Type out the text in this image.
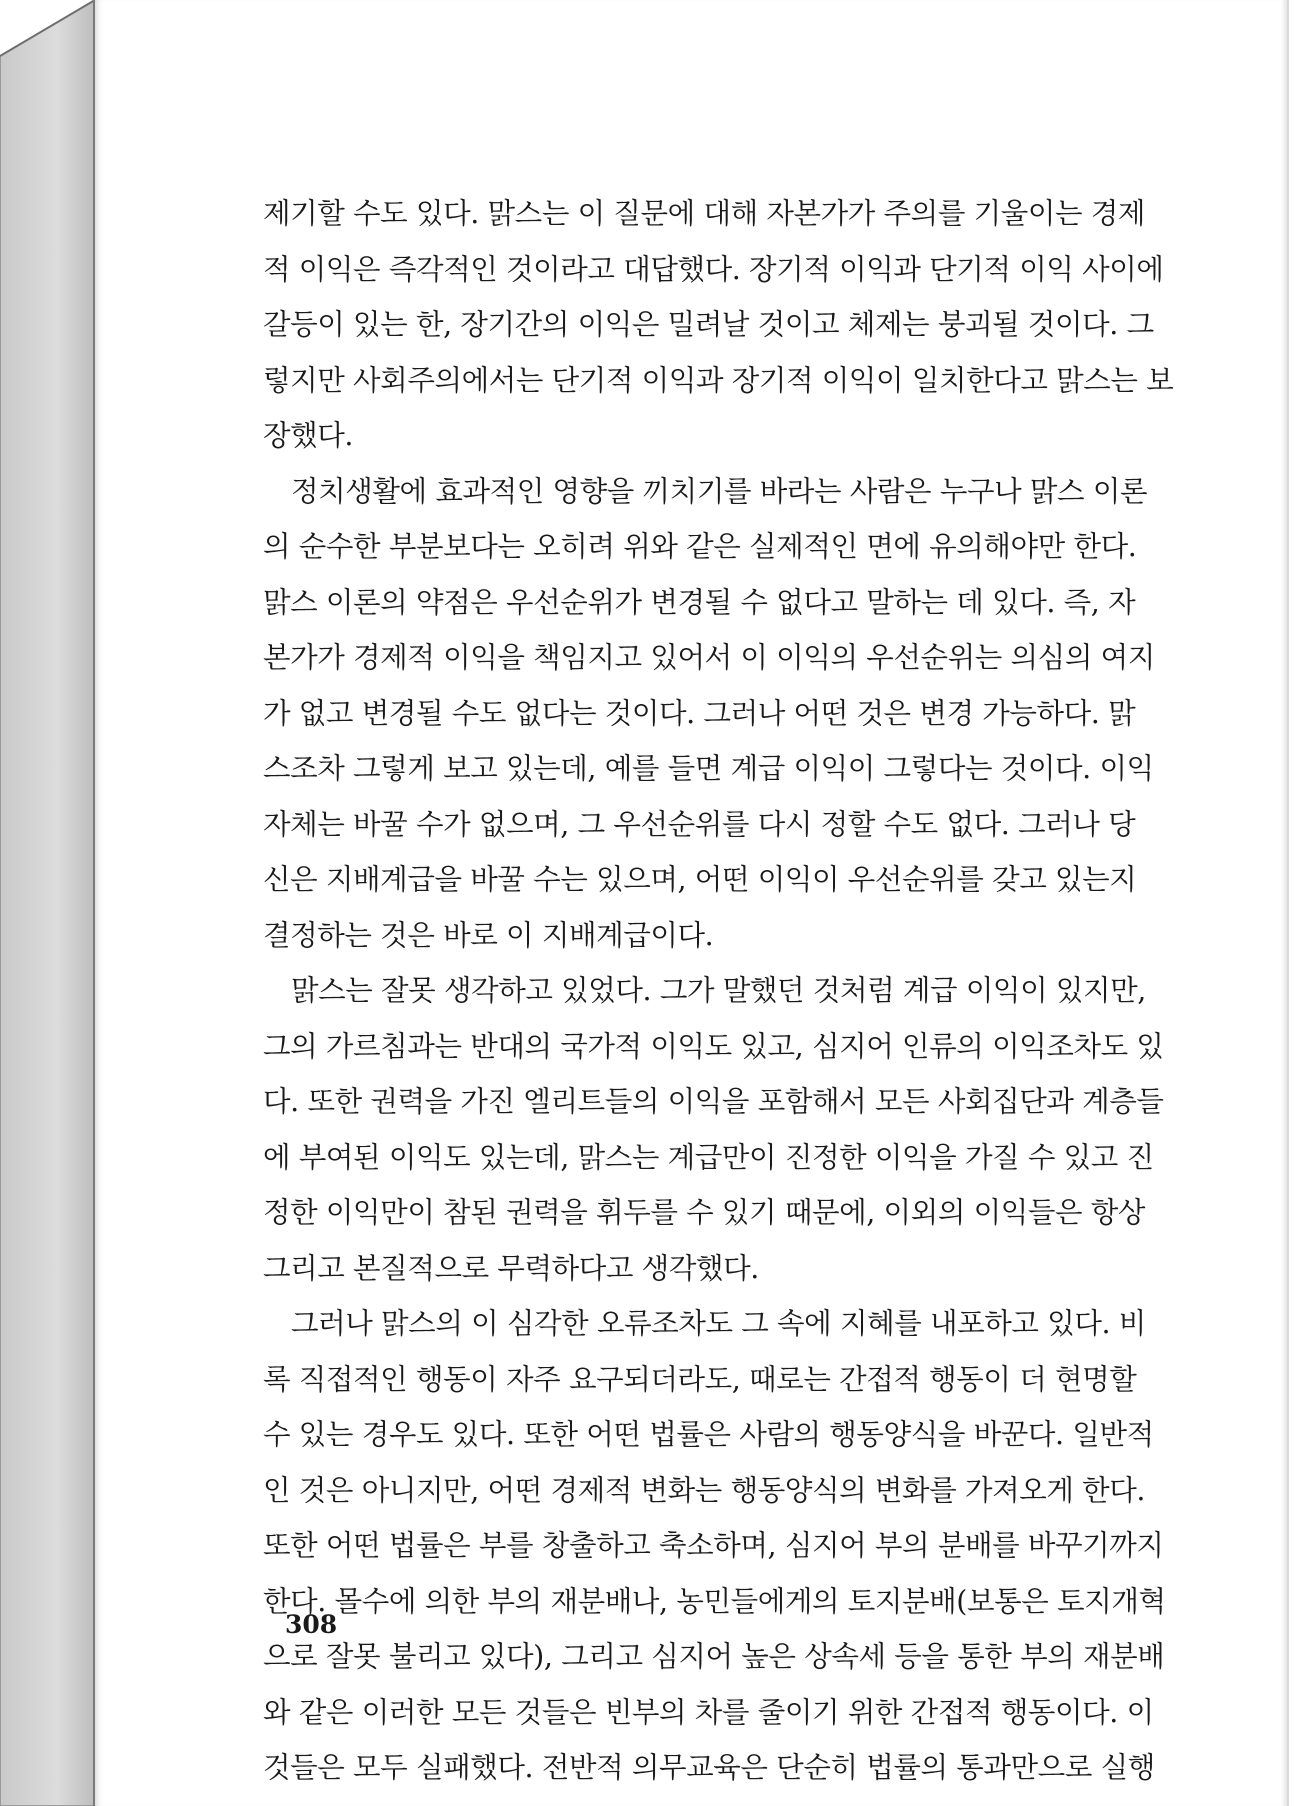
제기할 수도 있다. 맑스는 이 질문에 대해 자본가가 주의를 기울이는 경제
적 이익은 즉각적인 것이라고 대답했다. 장기적 이익과 단기적 이익 사이에
갈등이 있는 한, 장기간의 이익은 밀려날 것이고 체제는 붕괴될 것이다. 그
렇지만 사회주의에서는 단기적 이익과 장기적 이익이 일치한다고 맑스는 보
장했다.
정치생활에 효과적인 영향을 끼치기를 바라는 사람은 누구나 맑스 이론
의 순수한 부분보다는 오히려 위와 같은 실제적인 면에 유의해야만 한다.
맑스 이론의 약점은 우선순위가 변경될 수 없다고 말하는 데 있다. 즉, 자
본가가 경제적 이익을 책임지고 있어서 이 이익의 우선순위는 의심의 여지
가 없고 변경될 수도 없다는 것이다. 그러나 어떤 것은 변경 가능하다. 맑
스조차 그렇게 보고 있는데, 예를 들면 계급 이익이 그렇다는 것이다. 이익
자체는 바꿀 수가 없으며, 그 우선순위를 다시 정할 수도 없다. 그러나 당
신은 지배계급을 바꿀 수는 있으며, 어떤 이익이 우선순위를 갖고 있는지
결정하는 것은 바로 이 지배계급이다.
맑스는 잘못 생각하고 있었다. 그가 말했던 것처럼 계급 이익이 있지만,
그의 가르침과는 반대의 국가적 이익도 있고, 심지어 인류의 이익조차도 있
다. 또한 권력을 가진 엘리트들의 이익을 포함해서 모든 사회집단과 계층들
에 부여된 이익도 있는데, 맑스는 계급만이 진정한 이익을 가질 수 있고 진
정한 이익만이 참된 권력을 휘두를 수 있기 때문에, 이외의 이익들은 항상
그리고 본질적으로 무력하다고 생각했다.
그러나 맑스의 이 심각한 오류조차도 그 속에 지혜를 내포하고 있다. 비
록 직접적인 행동이 자주 요구되더라도, 때로는 간접적 행동이 더 현명할
수 있는 경우도 있다. 또한 어떤 법률은 사람의 행동양식을 바꾼다. 일반적
인 것은 아니지만, 어떤 경제적 변화는 행동양식의 변화를 가져오게 한다.
또한 어떤 법률은 부를 창출하고 축소하며, 심지어 부의 분배를 바꾸기까지
한다. 몰수에 의한 부의 재분배나, 농민들에게의 토지분배(보통은 토지개혁
으로 잘못 불리고 있다), 그리고 심지어 높은 상속세 등을 통한 부의 재분배
와 같은 이러한 모든 것들은 빈부의 차를 줄이기 위한 간접적 행동이다. 이
것들은 모두 실패했다. 전반적 의무교육은 단순히 법률의 통과만으로 실행
308
